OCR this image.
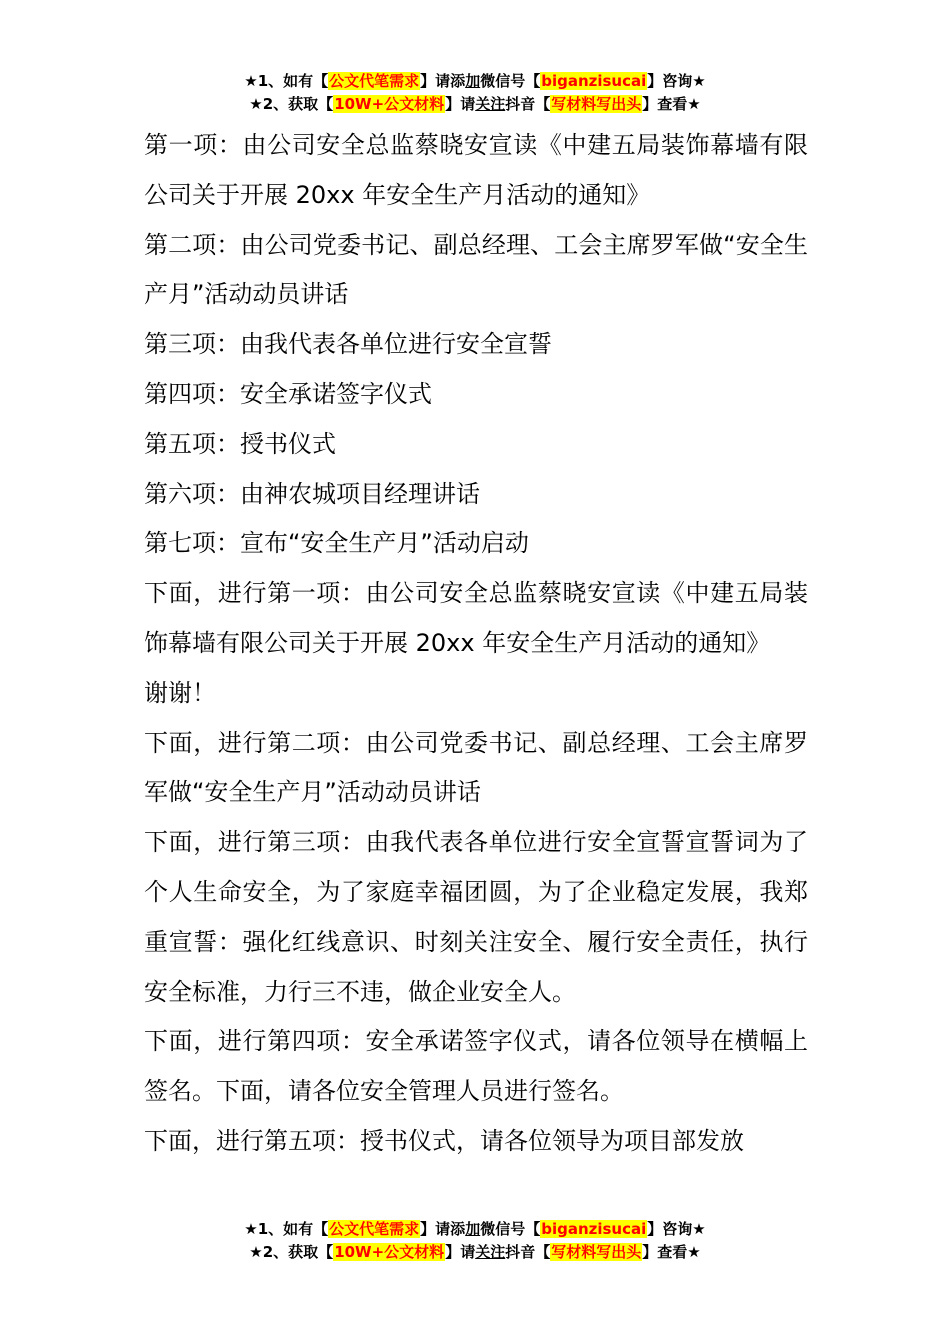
★1、如有【公文代笔需求】请添加微信号【biganzisucai】咨询★
★2、获取【10W+公文材料】请关注抖音【写材料写出头】查看★

第一项：由公司安全总监蔡晓安宣读《中建五局装饰幕墙有限公司关于开展 20xx 年安全生产月活动的通知》

第二项：由公司党委书记、副总经理、工会主席罗军做“安全生产月”活动动员讲话

第三项：由我代表各单位进行安全宣誓

第四项：安全承诺签字仪式

第五项：授书仪式

第六项：由神农城项目经理讲话

第七项：宣布“安全生产月”活动启动

下面，进行第一项：由公司安全总监蔡晓安宣读《中建五局装饰幕墙有限公司关于开展 20xx 年安全生产月活动的通知》

谢谢！

下面，进行第二项：由公司党委书记、副总经理、工会主席罗军做“安全生产月”活动动员讲话

下面，进行第三项：由我代表各单位进行安全宣誓宣誓词为了个人生命安全，为了家庭幸福团圆，为了企业稳定发展，我郑重宣誓：强化红线意识、时刻关注安全、履行安全责任，执行安全标准，力行三不违，做企业安全人。

下面，进行第四项：安全承诺签字仪式，请各位领导在横幅上签名。下面，请各位安全管理人员进行签名。

下面，进行第五项：授书仪式，请各位领导为项目部发放

★1、如有【公文代笔需求】请添加微信号【biganzisucai】咨询★
★2、获取【10W+公文材料】请关注抖音【写材料写出头】查看★
